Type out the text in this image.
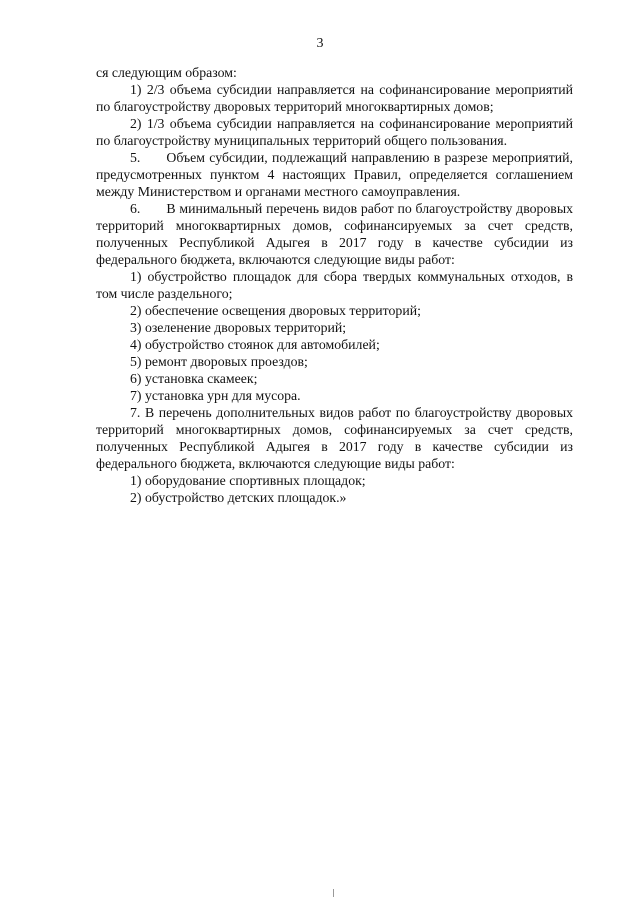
3

ся следующим образом:

1) 2/3 объема субсидии направляется на софинансирование мероприятий по благоустройству дворовых территорий многоквартирных домов;

2) 1/3 объема субсидии направляется на софинансирование мероприятий по благоустройству муниципальных территорий общего пользования.

5. Объем субсидии, подлежащий направлению в разрезе мероприятий, предусмотренных пунктом 4 настоящих Правил, определяется соглашением между Министерством и органами местного самоуправления.

6. В минимальный перечень видов работ по благоустройству дворовых территорий многоквартирных домов, софинансируемых за счет средств, полученных Республикой Адыгея в 2017 году в качестве субсидии из федерального бюджета, включаются следующие виды работ:

1) обустройство площадок для сбора твердых коммунальных отходов, в том числе раздельного;

2) обеспечение освещения дворовых территорий;

3) озеленение дворовых территорий;

4) обустройство стоянок для автомобилей;

5) ремонт дворовых проездов;

6) установка скамеек;

7) установка урн для мусора.

7. В перечень дополнительных видов работ по благоустройству дворовых территорий многоквартирных домов, софинансируемых за счет средств, полученных Республикой Адыгея в 2017 году в качестве субсидии из федерального бюджета, включаются следующие виды работ:

1) оборудование спортивных площадок;

2) обустройство детских площадок.»
